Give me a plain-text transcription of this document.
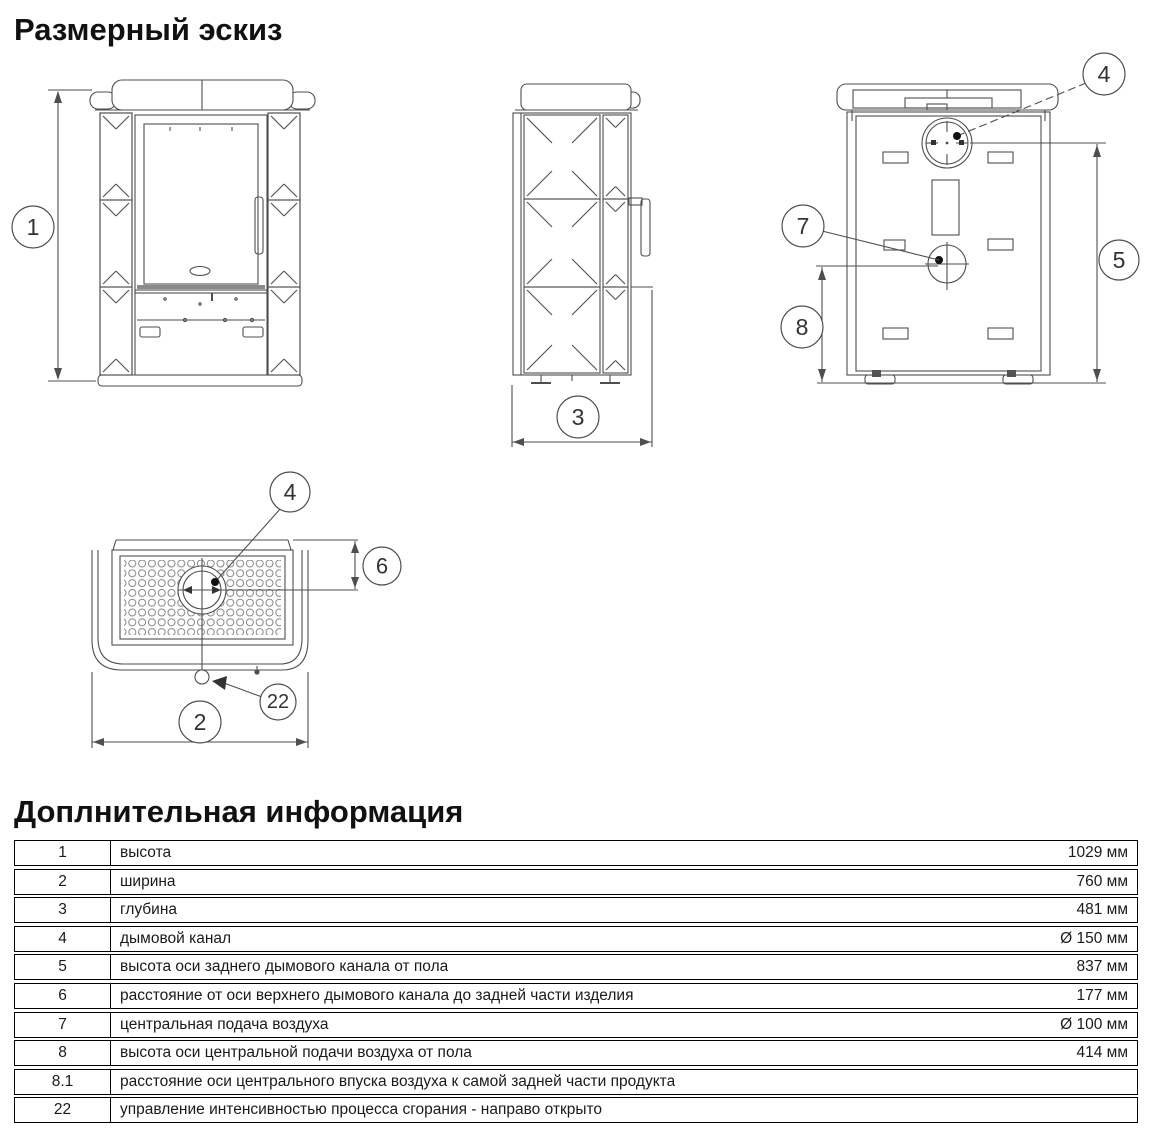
Размерный эскиз
1
3
4
5
7
8
4
6
2
22
Доплнительная информация
1	высота	1029 мм
2	ширина	760 мм
3	глубина	481 мм
4	дымовой канал	Ø 150 мм
5	высота оси заднего дымового канала от пола	837 мм
6	расстояние от оси верхнего дымового канала до задней части изделия	177 мм
7	центральная подача воздуха	Ø 100 мм
8	высота оси центральной подачи воздуха от пола	414 мм
8.1	расстояние оси центрального впуска воздуха к самой задней части продукта
22	управление интенсивностью процесса сгорания - направо открыто
